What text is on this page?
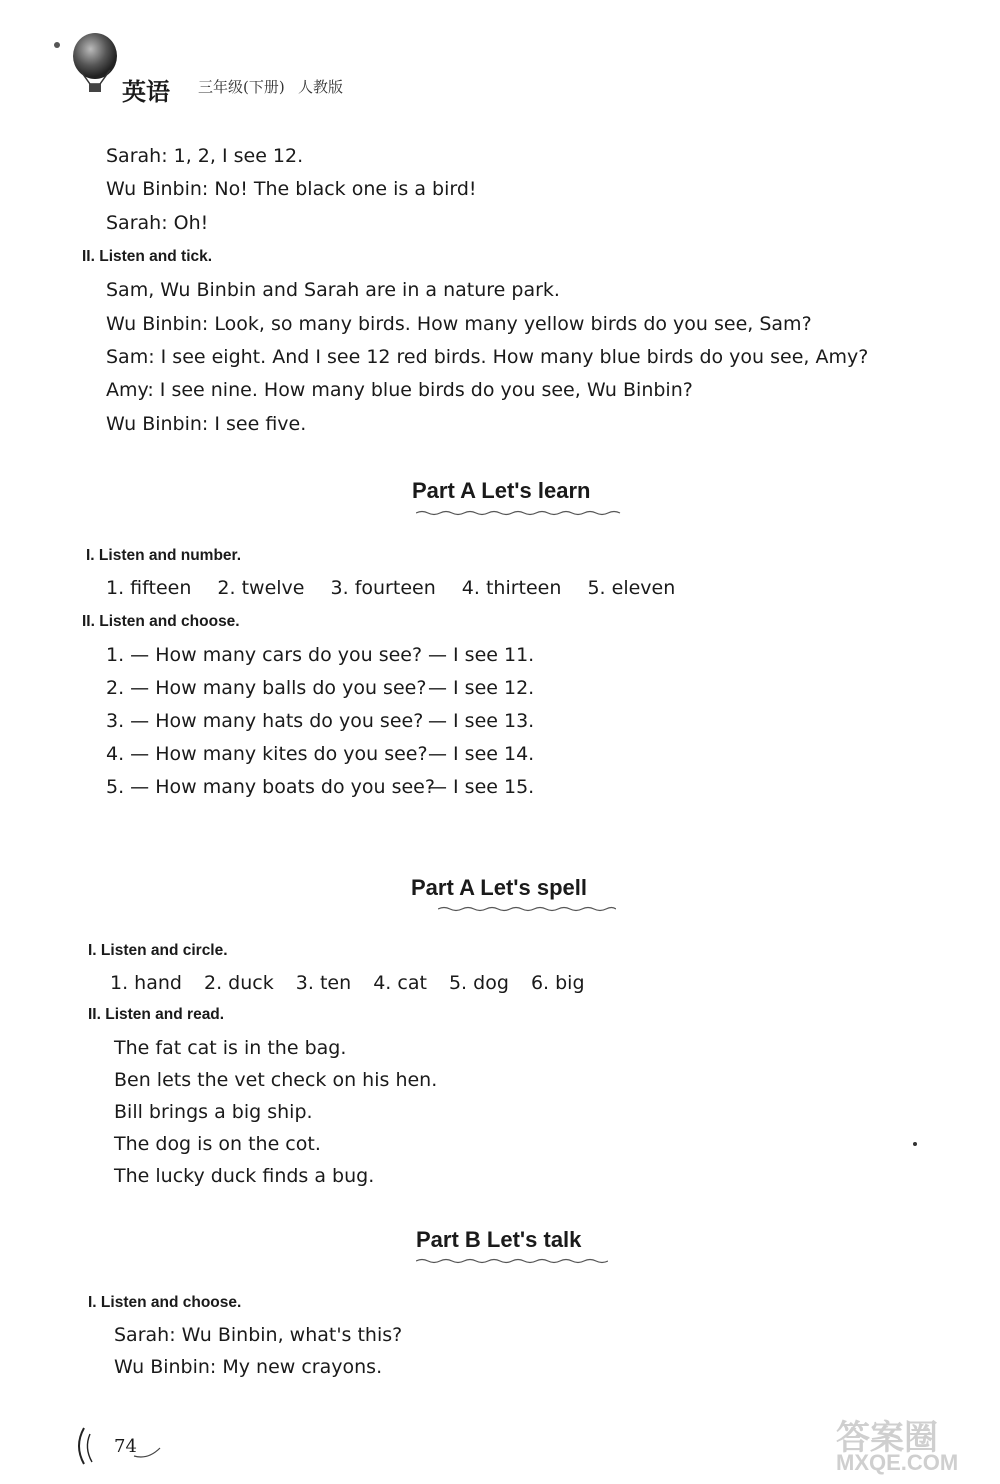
英语 三年级(下册) 人教版
Sarah: 1, 2, I see 12.
Wu Binbin: No! The black one is a bird!
Sarah: Oh!
II. Listen and tick.
Sam, Wu Binbin and Sarah are in a nature park.
Wu Binbin: Look, so many birds. How many yellow birds do you see, Sam?
Sam: I see eight. And I see 12 red birds. How many blue birds do you see, Amy?
Amy: I see nine. How many blue birds do you see, Wu Binbin?
Wu Binbin: I see five.
Part A Let's learn
I. Listen and number.
1. fifteen 2. twelve 3. fourteen 4. thirteen 5. eleven
II. Listen and choose.
1. — How many cars do you see? — I see 11.
2. — How many balls do you see?— I see 12.
3. — How many hats do you see? — I see 13.
4. — How many kites do you see?— I see 14.
5. — How many boats do you see?— I see 15.
Part A Let's spell
I. Listen and circle.
1. hand 2. duck 3. ten 4. cat 5. dog 6. big
II. Listen and read.
The fat cat is in the bag.
Ben lets the vet check on his hen.
Bill brings a big ship.
The dog is on the cot.
The lucky duck finds a bug.
Part B Let's talk
I. Listen and choose.
Sarah: Wu Binbin, what's this?
Wu Binbin: My new crayons.
74	答案圈
MXQE.COM
